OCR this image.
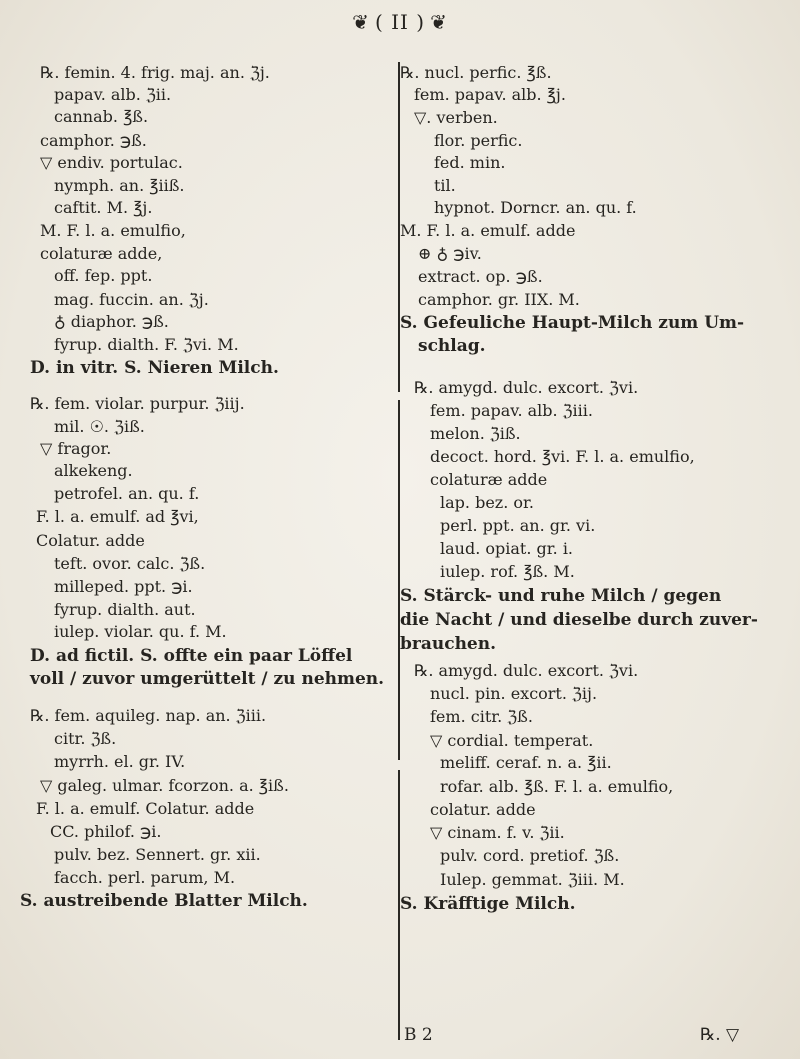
❦ ( II ) ❦
℞. femin. 4. frig. maj. an. ℨj.
papav. alb. ℨii.
cannab. ℥ß.
camphor. ℈ß.
▽ endiv. portulac.
nymph. an. ℥iiß.
caftit. M. ℥j.
M. F. l. a. emulfio,
colaturæ adde,
off. fep. ppt.
mag. fuccin. an. ℨj.
♁ diaphor. ℈ß.
fyrup. dialth. F. ℨvi. M.
D. in vitr. S. Nieren Milch.
℞. fem. violar. purpur. ℨiij.
mil. ☉. ℨiß.
▽ fragor.
alkekeng.
petrofel. an. qu. f.
F. l. a. emulf. ad ℥vi,
Colatur. adde
teft. ovor. calc. ℨß.
milleped. ppt. ℈i.
fyrup. dialth. aut.
iulep. violar. qu. f. M.
D. ad fictil. S. offte ein paar Löffel
voll / zuvor umgerüttelt / zu nehmen.
℞. fem. aquileg. nap. an. ℨiii.
citr. ℨß.
myrrh. el. gr. IV.
▽ galeg. ulmar. fcorzon. a. ℥iß.
F. l. a. emulf. Colatur. adde
CC. philof. ℈i.
pulv. bez. Sennert. gr. xii.
facch. perl. parum, M.
S. austreibende Blatter Milch.
℞. nucl. perfic. ℥ß.
fem. papav. alb. ℥j.
▽. verben.
flor. perfic.
fed. min.
til.
hypnot. Dorncr. an. qu. f.
M. F. l. a. emulf. adde
⊕ ♁ ℈iv.
extract. op. ℈ß.
camphor. gr. IIX. M.
S. Gefeuliche Haupt-Milch zum Um-
schlag.
℞. amygd. dulc. excort. ℨvi.
fem. papav. alb. ℨiii.
melon. ℨiß.
decoct. hord. ℥vi. F. l. a. emulfio,
colaturæ adde
lap. bez. or.
perl. ppt. an. gr. vi.
laud. opiat. gr. i.
iulep. rof. ℥ß. M.
S. Stärck- und ruhe Milch / gegen
die Nacht / und dieselbe durch zuver-
brauchen.
℞. amygd. dulc. excort. ℨvi.
nucl. pin. excort. ℨij.
fem. citr. ℨß.
▽ cordial. temperat.
meliff. ceraf. n. a. ℥ii.
rofar. alb. ℥ß. F. l. a. emulfio,
colatur. adde
▽ cinam. f. v. ℨii.
pulv. cord. pretiof. ℨß.
Iulep. gemmat. ℨiii. M.
S. Kräfftige Milch.
B 2	℞. ▽
